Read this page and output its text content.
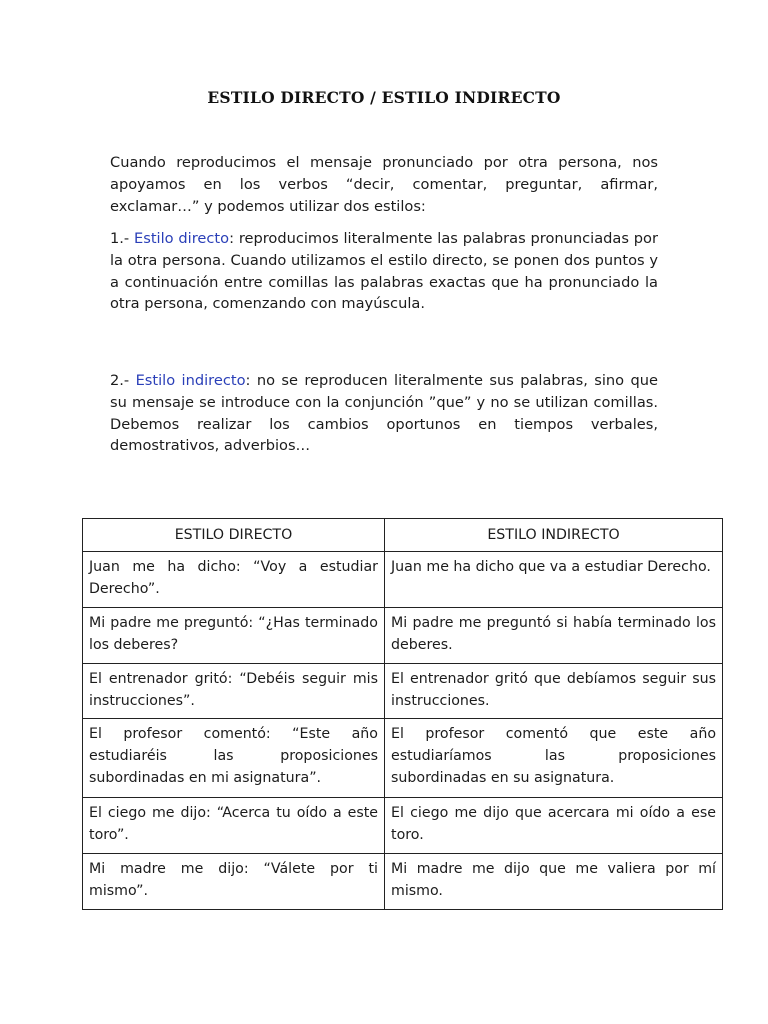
ESTILO DIRECTO / ESTILO INDIRECTO

Cuando reproducimos el mensaje pronunciado por otra persona, nos apoyamos en los verbos “decir, comentar, preguntar, afirmar, exclamar…” y podemos utilizar dos estilos:

1.- Estilo directo: reproducimos literalmente las palabras pronunciadas por la otra persona. Cuando utilizamos el estilo directo, se ponen dos puntos y a continuación entre comillas las palabras exactas que ha pronunciado la otra persona, comenzando con mayúscula.

2.- Estilo indirecto: no se reproducen literalmente sus palabras, sino que su mensaje se introduce con la conjunción ”que” y no se utilizan comillas. Debemos realizar los cambios oportunos en tiempos verbales, demostrativos, adverbios…

ESTILO DIRECTO	ESTILO INDIRECTO
Juan me ha dicho: “Voy a estudiar Derecho”.	Juan me ha dicho que va a estudiar Derecho.
Mi padre me preguntó: “¿Has terminado los deberes?	Mi padre me preguntó si había terminado los deberes.
El entrenador gritó: “Debéis seguir mis instrucciones”.	El entrenador gritó que debíamos seguir sus instrucciones.
El profesor comentó: “Este año estudiaréis las proposiciones subordinadas en mi asignatura”.	El profesor comentó que este año estudiaríamos las proposiciones subordinadas en su asignatura.
El ciego me dijo: “Acerca tu oído a este toro”.	El ciego me dijo que acercara mi oído a ese toro.
Mi madre me dijo: “Válete por ti mismo”.	Mi madre me dijo que me valiera por mí mismo.
